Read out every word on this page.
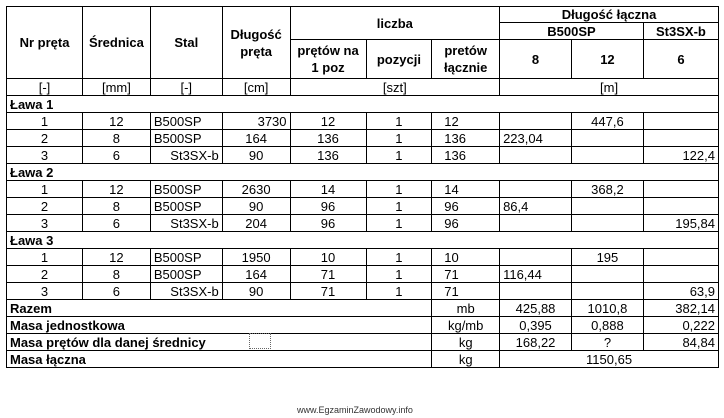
Nr pręta	Średnica	Stal	Długość pręta	liczba			Długość łączna		
							B500SP		St3SX-b
				prętów na 1 poz	pozycji	pretów łącznie	8	12	6
[-]	[mm]	[-]	[cm]	[szt]			[m]		
Ława 1									
1	12	B500SP	3730	12	1	12		447,6	
2	8	B500SP	164	136	1	136	223,04		
3	6	St3SX-b	90	136	1	136			122,4
Ława 2									
1	12	B500SP	2630	14	1	14		368,2	
2	8	B500SP	90	96	1	96	86,4		
3	6	St3SX-b	204	96	1	96			195,84
Ława 3									
1	12	B500SP	1950	10	1	10		195	
2	8	B500SP	164	71	1	71	116,44		
3	6	St3SX-b	90	71	1	71			63,9
Razem						mb	425,88	1010,8	382,14
Masa jednostkowa						kg/mb	0,395	0,888	0,222
Masa prętów dla danej średnicy						kg	168,22	?	84,84
Masa łączna						kg	1150,65		
www.EgzaminZawodowy.info
